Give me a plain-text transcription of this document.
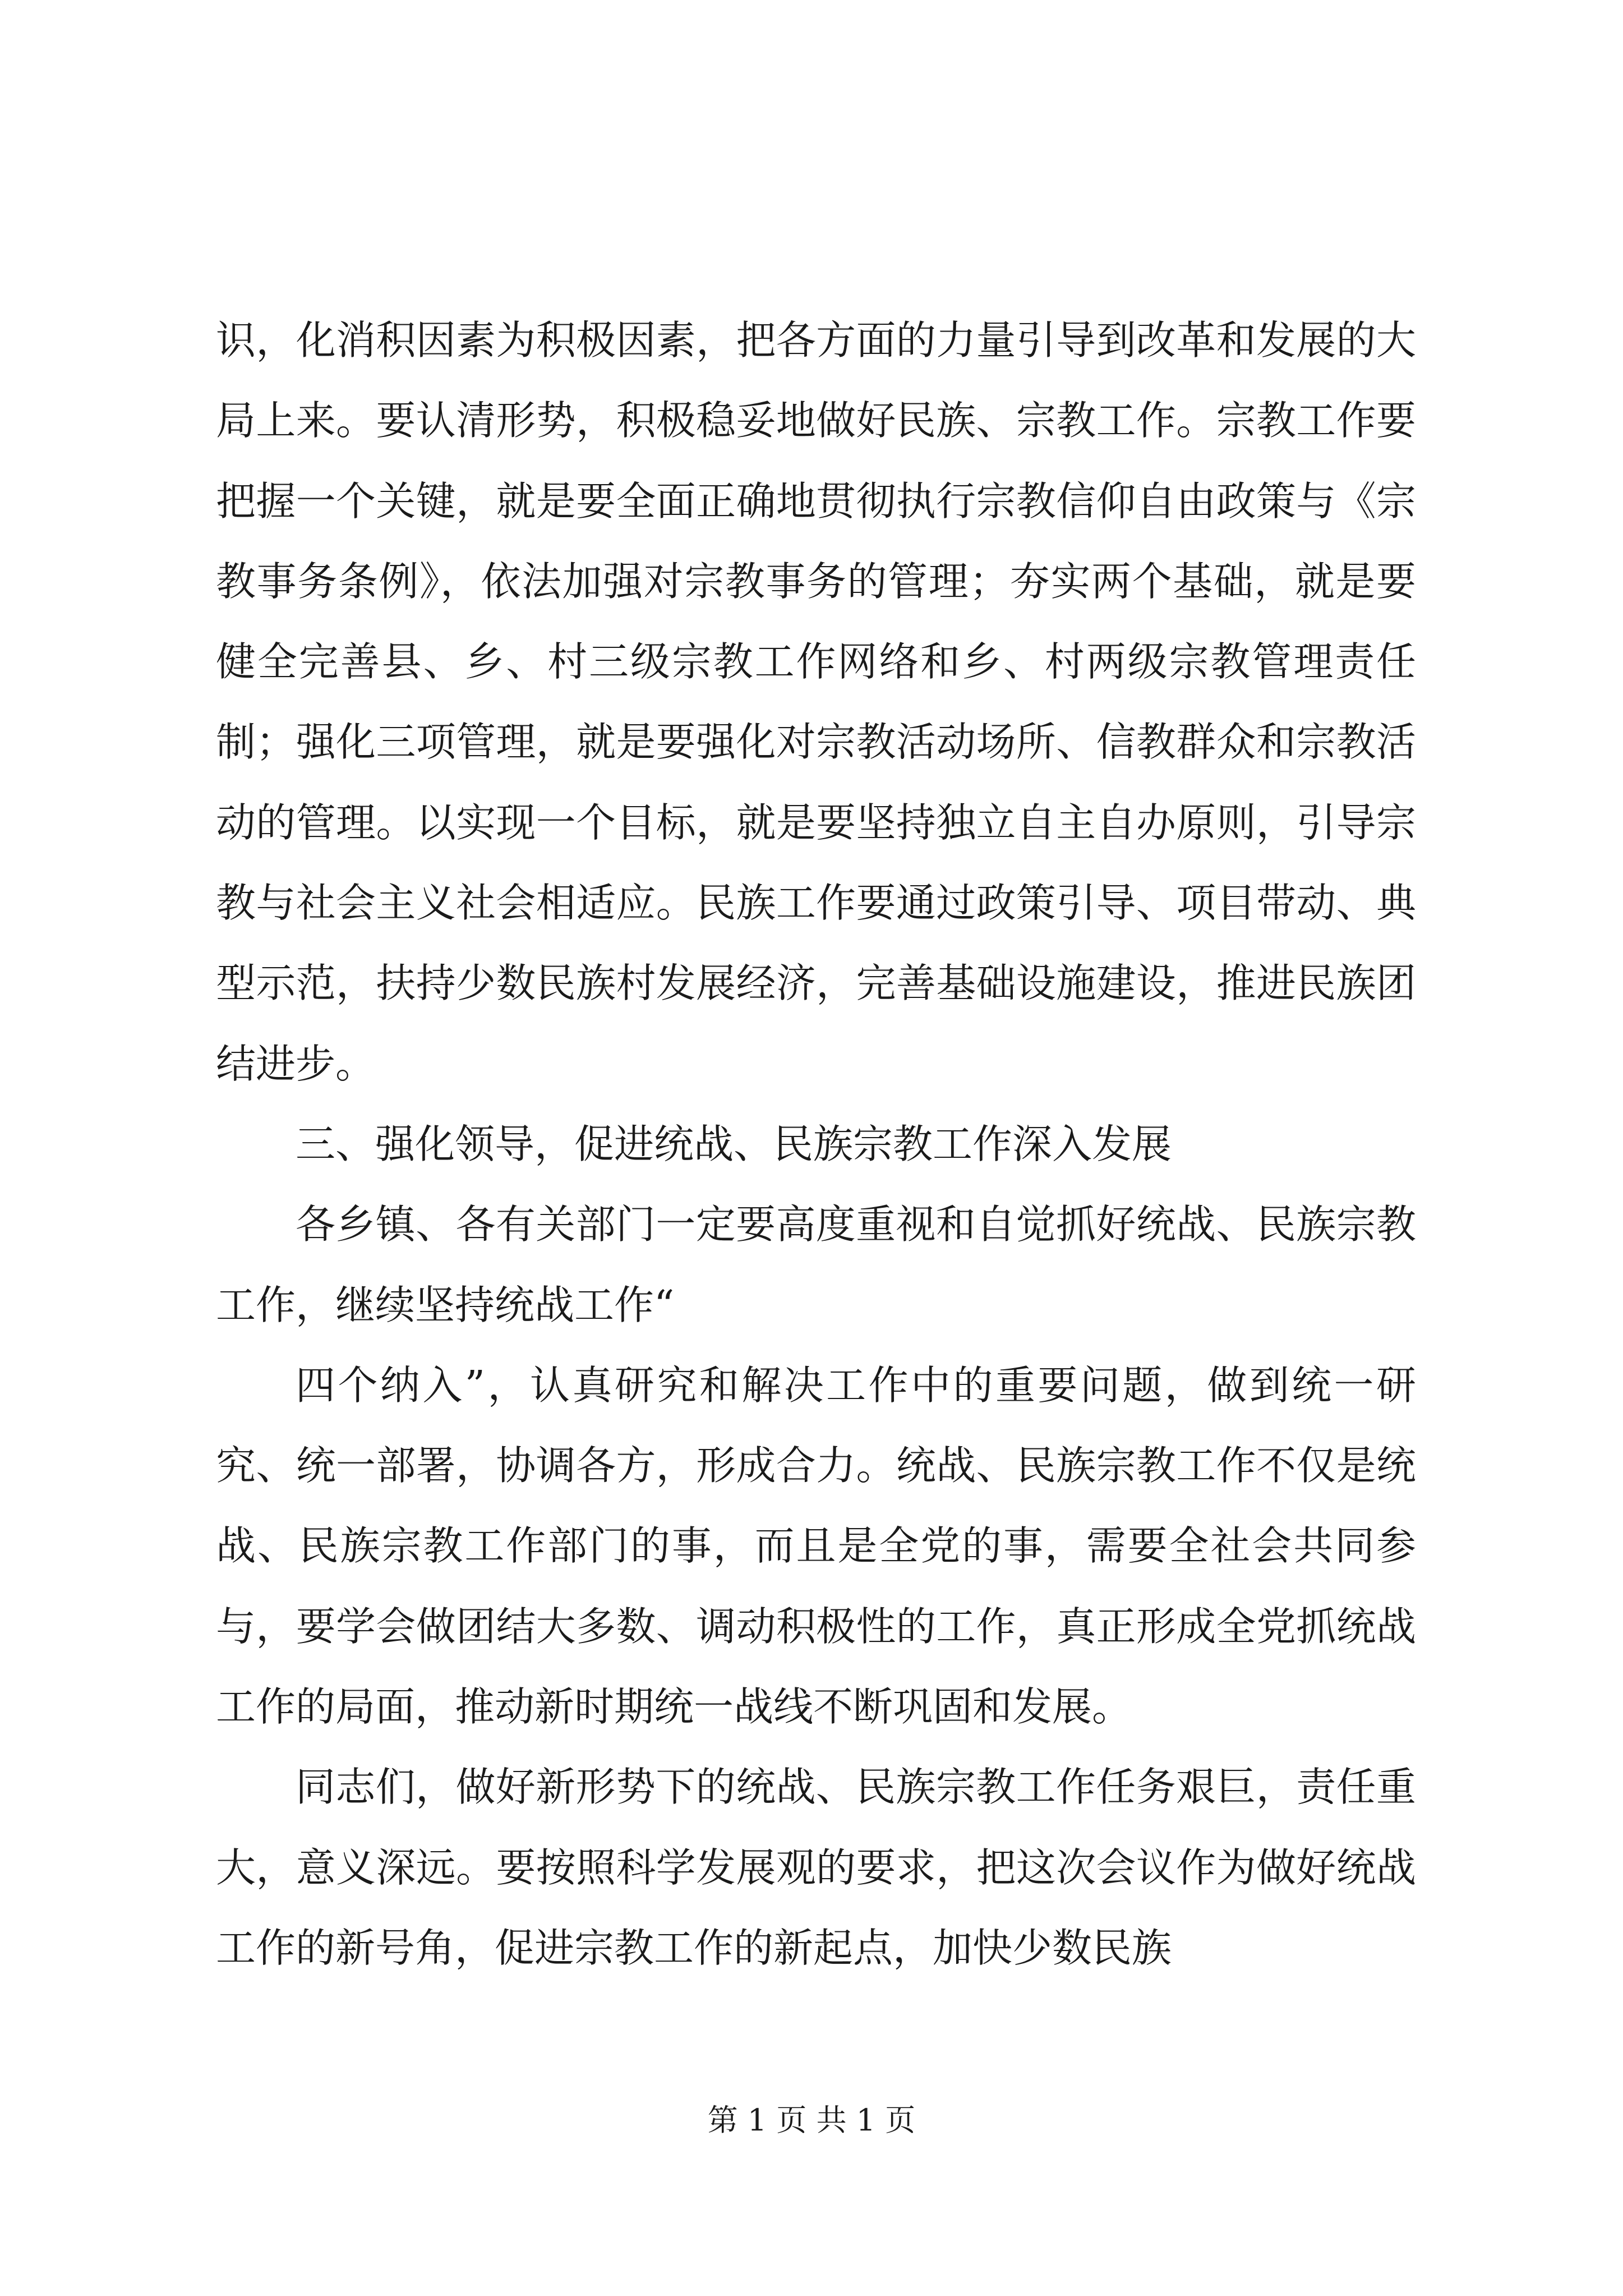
识，化消积因素为积极因素，把各方面的力量引导到改革和发展的大局上来。要认清形势，积极稳妥地做好民族、宗教工作。宗教工作要把握一个关键，就是要全面正确地贯彻执行宗教信仰自由政策与《宗教事务条例》，依法加强对宗教事务的管理；夯实两个基础，就是要健全完善县、乡、村三级宗教工作网络和乡、村两级宗教管理责任制；强化三项管理，就是要强化对宗教活动场所、信教群众和宗教活动的管理。以实现一个目标，就是要坚持独立自主自办原则，引导宗教与社会主义社会相适应。民族工作要通过政策引导、项目带动、典型示范，扶持少数民族村发展经济，完善基础设施建设，推进民族团结进步。

三、强化领导，促进统战、民族宗教工作深入发展

各乡镇、各有关部门一定要高度重视和自觉抓好统战、民族宗教工作，继续坚持统战工作“

四个纳入”，认真研究和解决工作中的重要问题，做到统一研究、统一部署，协调各方，形成合力。统战、民族宗教工作不仅是统战、民族宗教工作部门的事，而且是全党的事，需要全社会共同参与，要学会做团结大多数、调动积极性的工作，真正形成全党抓统战工作的局面，推动新时期统一战线不断巩固和发展。

同志们，做好新形势下的统战、民族宗教工作任务艰巨，责任重大，意义深远。要按照科学发展观的要求，把这次会议作为做好统战工作的新号角，促进宗教工作的新起点，加快少数民族

第 1 页 共 1 页
